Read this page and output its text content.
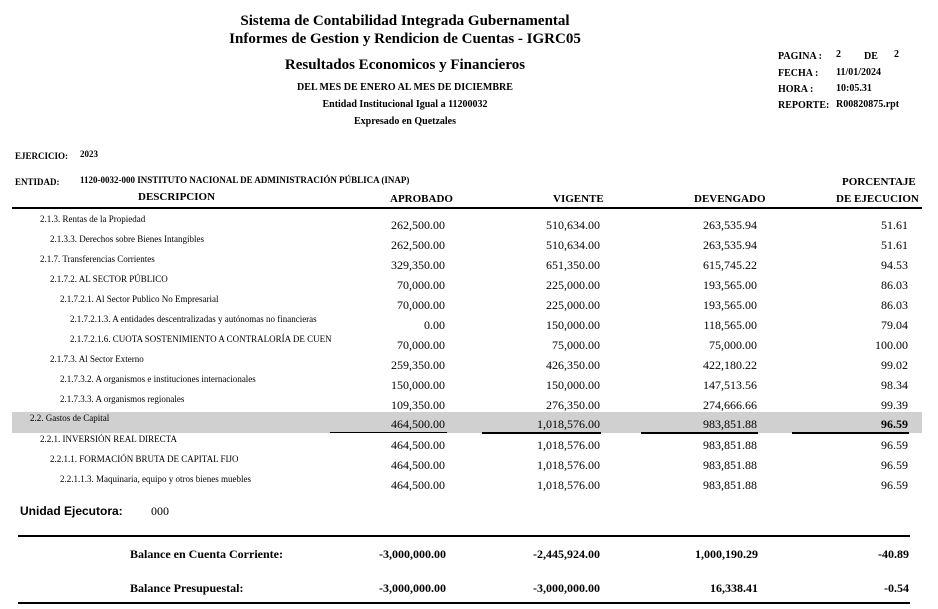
Sistema de Contabilidad Integrada Gubernamental
Informes de Gestion y Rendicion de Cuentas - IGRC05
Resultados Economicos y Financieros
DEL MES DE ENERO AL MES DE DICIEMBRE
Entidad Institucional Igual a 11200032
Expresado en Quetzales
PAGINA : 2 DE 2
FECHA : 11/01/2024
HORA : 10:05.31
REPORTE: R00820875.rpt
EJERCICIO: 2023
ENTIDAD: 1120-0032-000 INSTITUTO NACIONAL DE ADMINISTRACIÓN PÚBLICA (INAP)
DESCRIPCION	APROBADO	VIGENTE	DEVENGADO
PORCENTAJE
DE EJECUCION
2.1.3. Rentas de la Propiedad	262,500.00	510,634.00	263,535.94	51.61
2.1.3.3. Derechos sobre Bienes Intangibles	262,500.00	510,634.00	263,535.94	51.61
2.1.7. Transferencias Corrientes	329,350.00	651,350.00	615,745.22	94.53
2.1.7.2. AL SECTOR PÚBLICO	70,000.00	225,000.00	193,565.00	86.03
2.1.7.2.1. Al Sector Publico No Empresarial	70,000.00	225,000.00	193,565.00	86.03
2.1.7.2.1.3. A entidades descentralizadas y autónomas no financieras	0.00	150,000.00	118,565.00	79.04
2.1.7.2.1.6. CUOTA SOSTENIMIENTO A CONTRALORÍA DE CUEN	70,000.00	75,000.00	75,000.00	100.00
2.1.7.3. Al Sector Externo	259,350.00	426,350.00	422,180.22	99.02
2.1.7.3.2. A organismos e instituciones internacionales	150,000.00	150,000.00	147,513.56	98.34
2.1.7.3.3. A organismos regionales	109,350.00	276,350.00	274,666.66	99.39
2.2. Gastos de Capital	464,500.00	1,018,576.00	983,851.88	96.59
2.2.1. INVERSIÓN REAL DIRECTA	464,500.00	1,018,576.00	983,851.88	96.59
2.2.1.1. FORMACIÓN BRUTA DE CAPITAL FIJO	464,500.00	1,018,576.00	983,851.88	96.59
2.2.1.1.3. Maquinaria, equipo y otros bienes muebles	464,500.00	1,018,576.00	983,851.88	96.59
Unidad Ejecutora: 000
Balance en Cuenta Corriente:	-3,000,000.00	-2,445,924.00	1,000,190.29	-40.89
Balance Presupuestal:	-3,000,000.00	-3,000,000.00	16,338.41	-0.54
